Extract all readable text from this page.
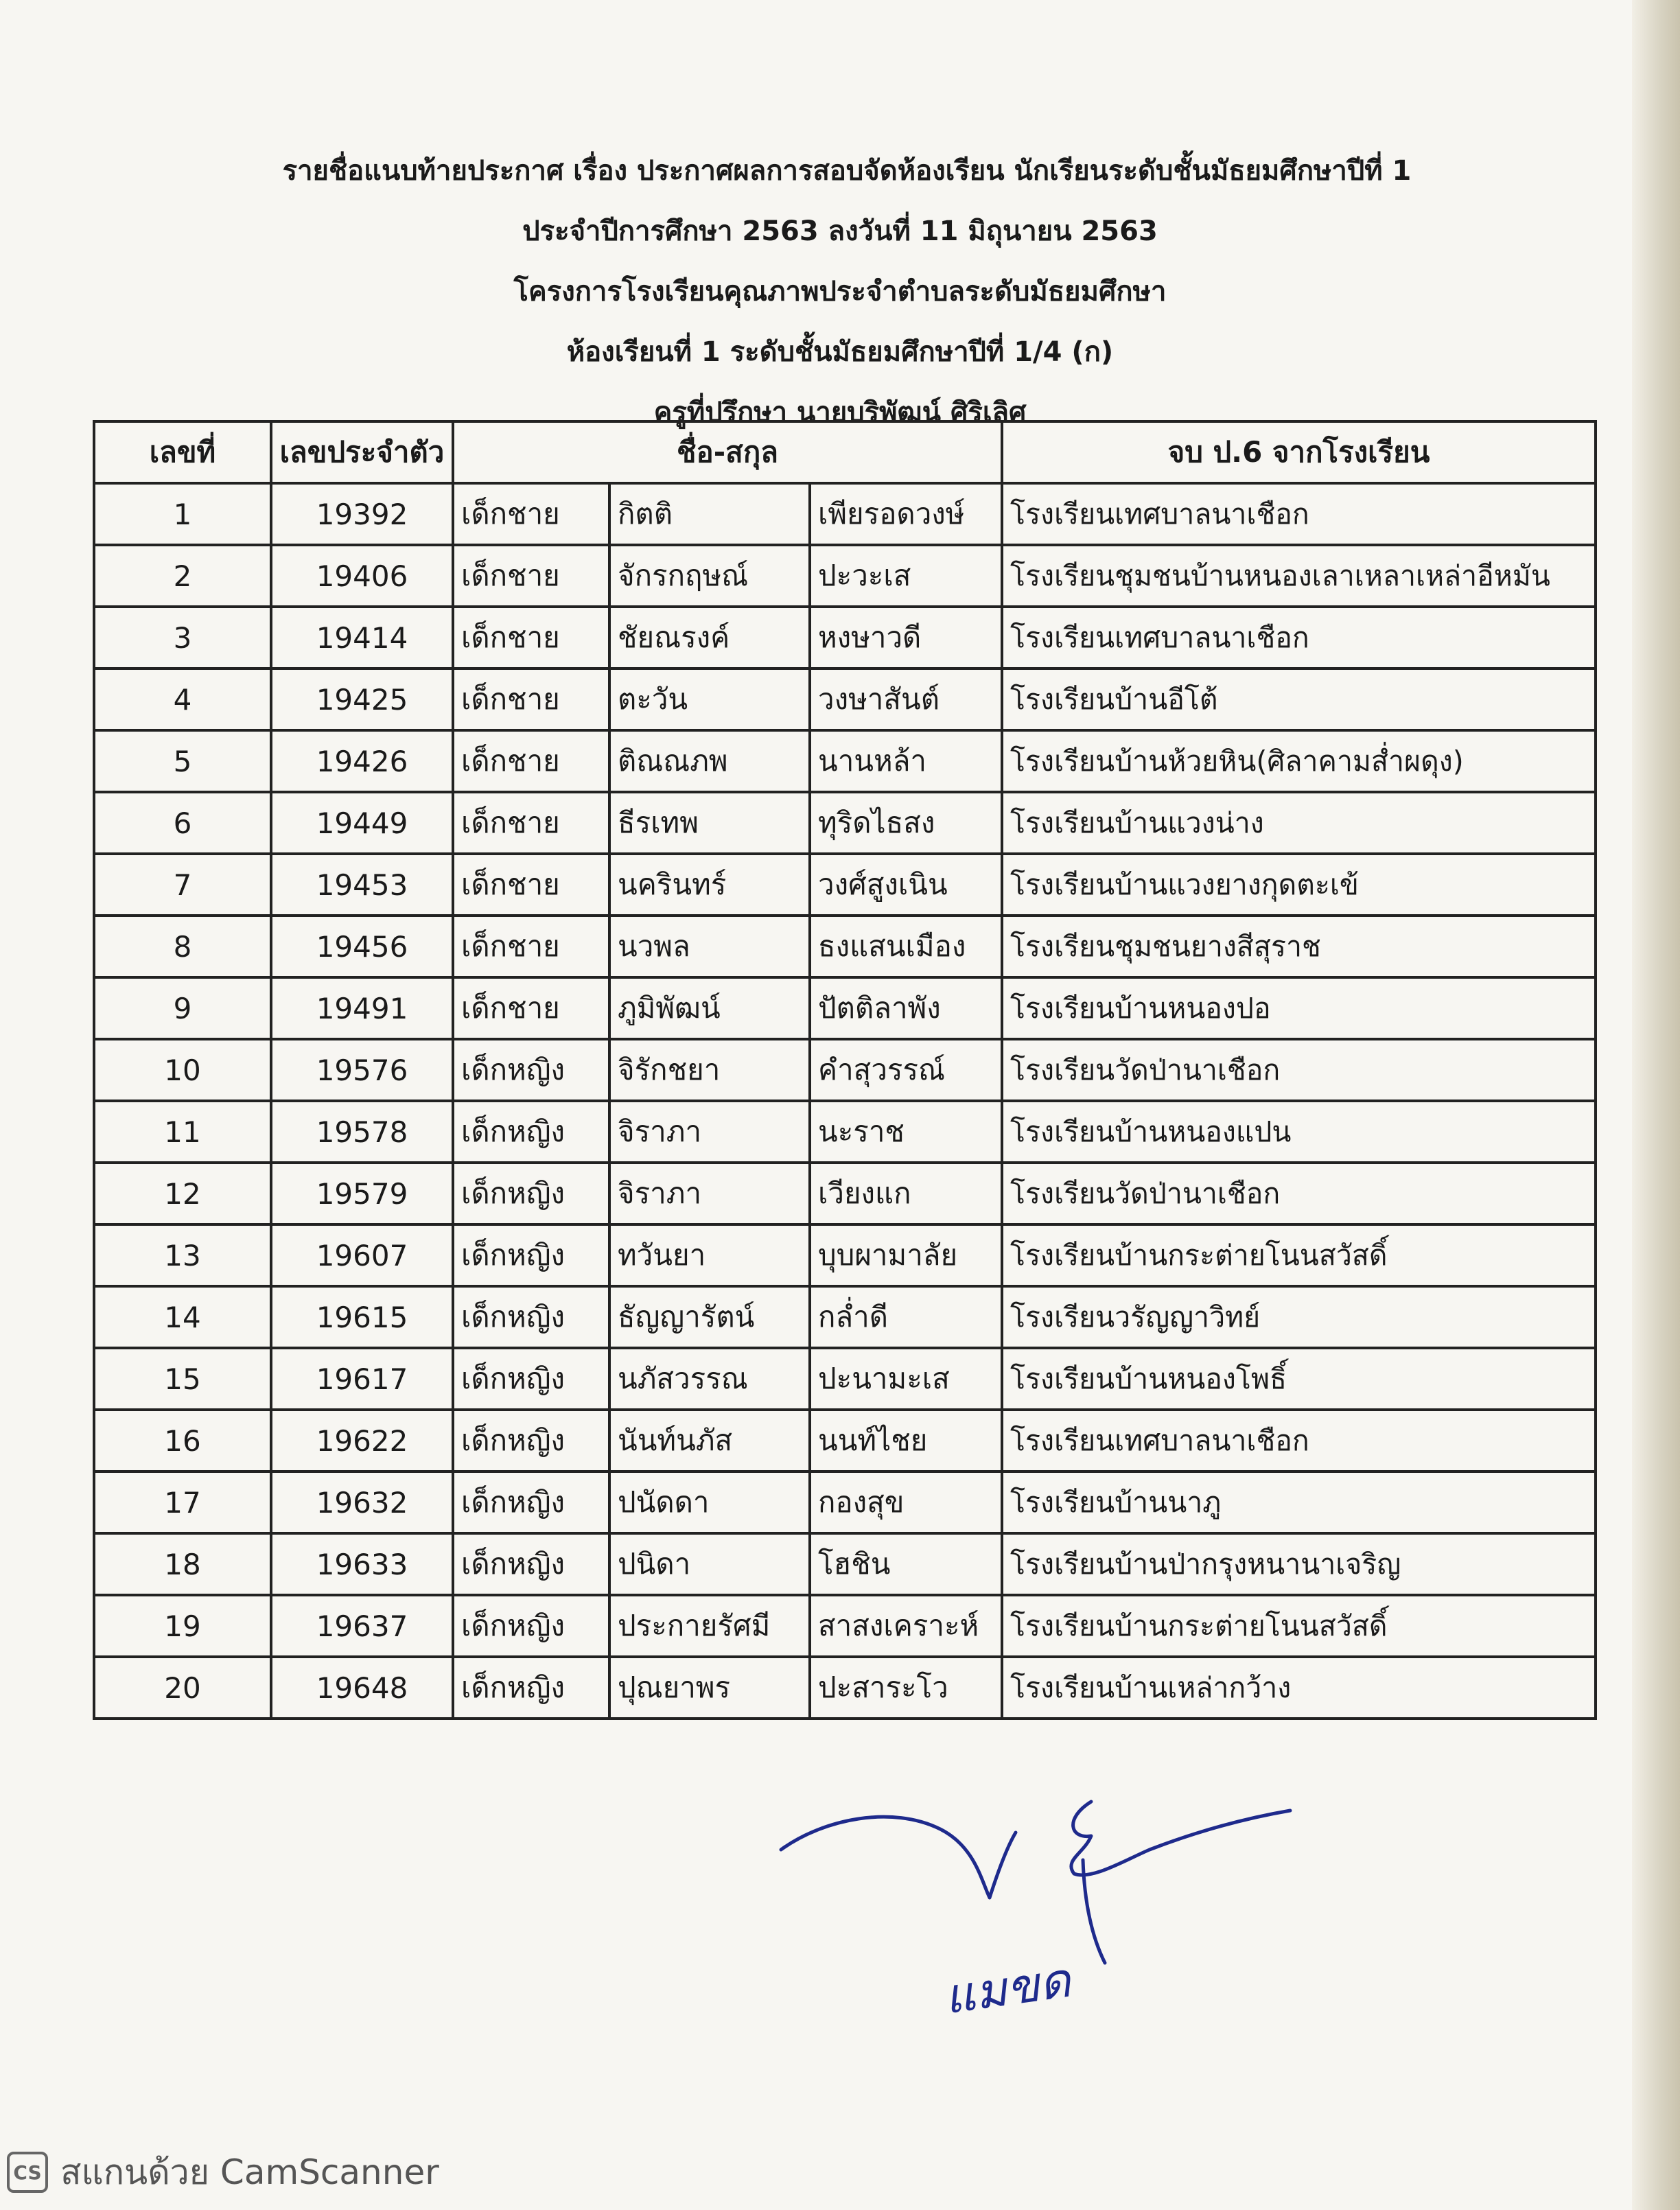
รายชื่อแนบท้ายประกาศ เรื่อง ประกาศผลการสอบจัดห้องเรียน นักเรียนระดับชั้นมัธยมศึกษาปีที่ 1
ประจำปีการศึกษา 2563 ลงวันที่ 11 มิถุนายน 2563
โครงการโรงเรียนคุณภาพประจำตำบลระดับมัธยมศึกษา
ห้องเรียนที่ 1 ระดับชั้นมัธยมศึกษาปีที่ 1/4 (ก)
ครูที่ปรึกษา นายบริพัฒน์ ศิริเลิศ
เลขที่	เลขประจำตัว	ชื่อ-สกุล			จบ ป.6 จากโรงเรียน
1	19392	เด็กชาย	กิตติ	เพียรอดวงษ์	โรงเรียนเทศบาลนาเชือก
2	19406	เด็กชาย	จักรกฤษณ์	ปะวะเส	โรงเรียนชุมชนบ้านหนองเลาเหลาเหล่าอีหมัน
3	19414	เด็กชาย	ชัยณรงค์	หงษาวดี	โรงเรียนเทศบาลนาเชือก
4	19425	เด็กชาย	ตะวัน	วงษาสันต์	โรงเรียนบ้านอีโต้
5	19426	เด็กชาย	ติณณภพ	นานหล้า	โรงเรียนบ้านห้วยหิน(ศิลาคามส่ำผดุง)
6	19449	เด็กชาย	ธีรเทพ	ทุริดไธสง	โรงเรียนบ้านแวงน่าง
7	19453	เด็กชาย	นครินทร์	วงศ์สูงเนิน	โรงเรียนบ้านแวงยางกุดตะเข้
8	19456	เด็กชาย	นวพล	ธงแสนเมือง	โรงเรียนชุมชนยางสีสุราช
9	19491	เด็กชาย	ภูมิพัฒน์	ปัตติลาพัง	โรงเรียนบ้านหนองปอ
10	19576	เด็กหญิง	จิรักชยา	คำสุวรรณ์	โรงเรียนวัดป่านาเชือก
11	19578	เด็กหญิง	จิราภา	นะราช	โรงเรียนบ้านหนองแปน
12	19579	เด็กหญิง	จิราภา	เวียงแก	โรงเรียนวัดป่านาเชือก
13	19607	เด็กหญิง	ทวันยา	บุบผามาลัย	โรงเรียนบ้านกระต่ายโนนสวัสดิ์
14	19615	เด็กหญิง	ธัญญารัตน์	กล่ำดี	โรงเรียนวรัญญาวิทย์
15	19617	เด็กหญิง	นภัสวรรณ	ปะนามะเส	โรงเรียนบ้านหนองโพธิ์
16	19622	เด็กหญิง	นันท์นภัส	นนท์ไชย	โรงเรียนเทศบาลนาเชือก
17	19632	เด็กหญิง	ปนัดดา	กองสุข	โรงเรียนบ้านนาภู
18	19633	เด็กหญิง	ปนิดา	โฮชิน	โรงเรียนบ้านป่ากรุงหนานาเจริญ
19	19637	เด็กหญิง	ประกายรัศมี	สาสงเคราะห์	โรงเรียนบ้านกระต่ายโนนสวัสดิ์
20	19648	เด็กหญิง	ปุณยาพร	ปะสาระโว	โรงเรียนบ้านเหล่ากว้าง
แมขด
CS สแกนด้วย CamScanner
